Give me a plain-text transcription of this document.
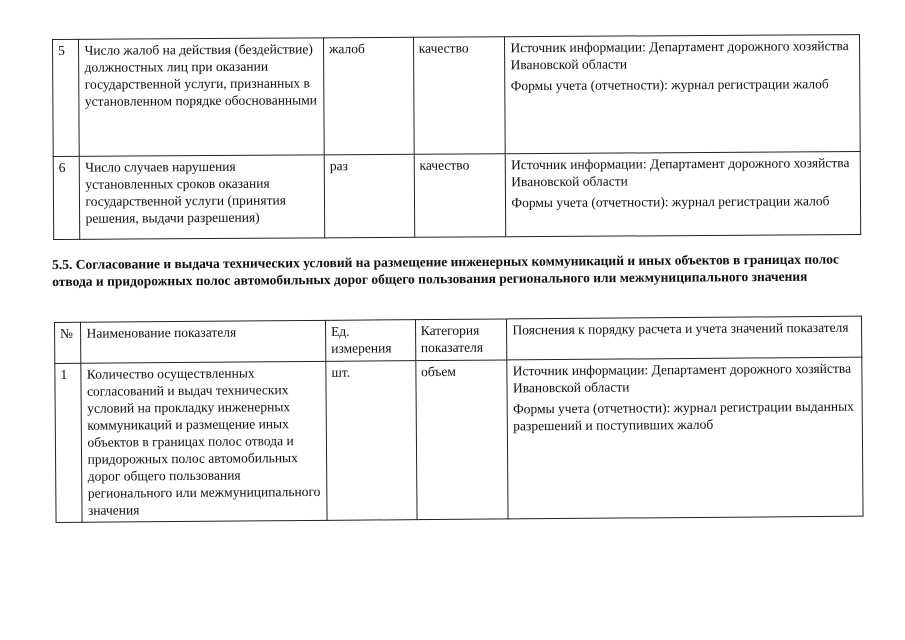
5	Число жалоб на действия (бездействие) должностных лиц при оказании государственной услуги, признанных в установленном порядке обоснованными	жалоб	качество	Источник информации: Департамент дорожного хозяйства Ивановской области

Формы учета (отчетности): журнал регистрации жалоб

6	Число случаев нарушения установленных сроков оказания государственной услуги (принятия решения, выдачи разрешения)	раз	качество	Источник информации: Департамент дорожного хозяйства Ивановской области

Формы учета (отчетности): журнал регистрации жалоб

5.5. Согласование и выдача технических условий на размещение инженерных коммуникаций и иных объектов в границах полос отвода и придорожных полос автомобильных дорог общего пользования регионального или межмуниципального значения

№	Наименование показателя	Ед. измерения	Категория показателя	Пояснения к порядку расчета и учета значений показателя
1	Количество осуществленных согласований и выдач технических условий на прокладку инженерных коммуникаций и размещение иных объектов в границах полос отвода и придорожных полос автомобильных дорог общего пользования регионального или межмуниципального значения	шт.	объем	Источник информации: Департамент дорожного хозяйства Ивановской области

Формы учета (отчетности): журнал регистрации выданных разрешений и поступивших жалоб
